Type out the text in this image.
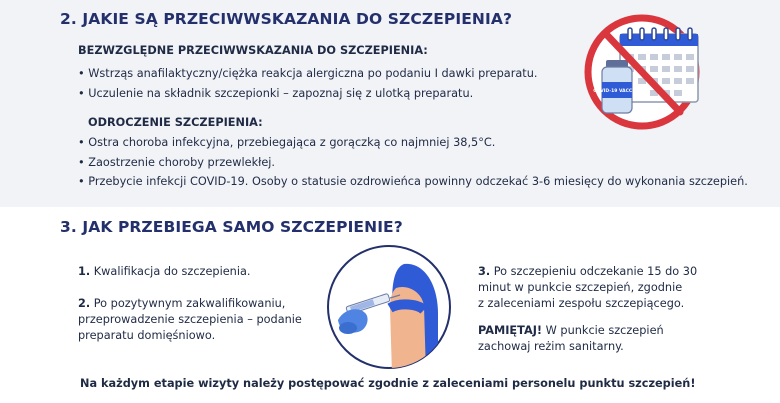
2. JAKIE SĄ PRZECIWWSKAZANIA DO SZCZEPIENIA?
BEZWZGLĘDNE PRZECIWWSKAZANIA DO SZCZEPIENIA:
• Wstrząs anafilaktyczny/ciężka reakcja alergiczna po podaniu I dawki preparatu.
• Uczulenie na składnik szczepionki – zapoznaj się z ulotką preparatu.
ODROCZENIE SZCZEPIENIA:
• Ostra choroba infekcyjna, przebiegająca z gorączką co najmniej 38,5°C.
• Zaostrzenie choroby przewlekłej.
• Przebycie infekcji COVID-19. Osoby o statusie ozdrowieńca powinny odczekać 3-6 miesięcy do wykonania szczepień.
COVID-19 VACCINE
3. JAK PRZEBIEGA SAMO SZCZEPIENIE?
1. Kwalifikacja do szczepienia.
2. Po pozytywnym zakwalifikowaniu,
przeprowadzenie szczepienia – podanie
preparatu domięśniowo.
3. Po szczepieniu odczekanie 15 do 30
minut w punkcie szczepień, zgodnie
z zaleceniami zespołu szczepiącego.
PAMIĘTAJ! W punkcie szczepień
zachowaj reżim sanitarny.
Na każdym etapie wizyty należy postępować zgodnie z zaleceniami personelu punktu szczepień!
